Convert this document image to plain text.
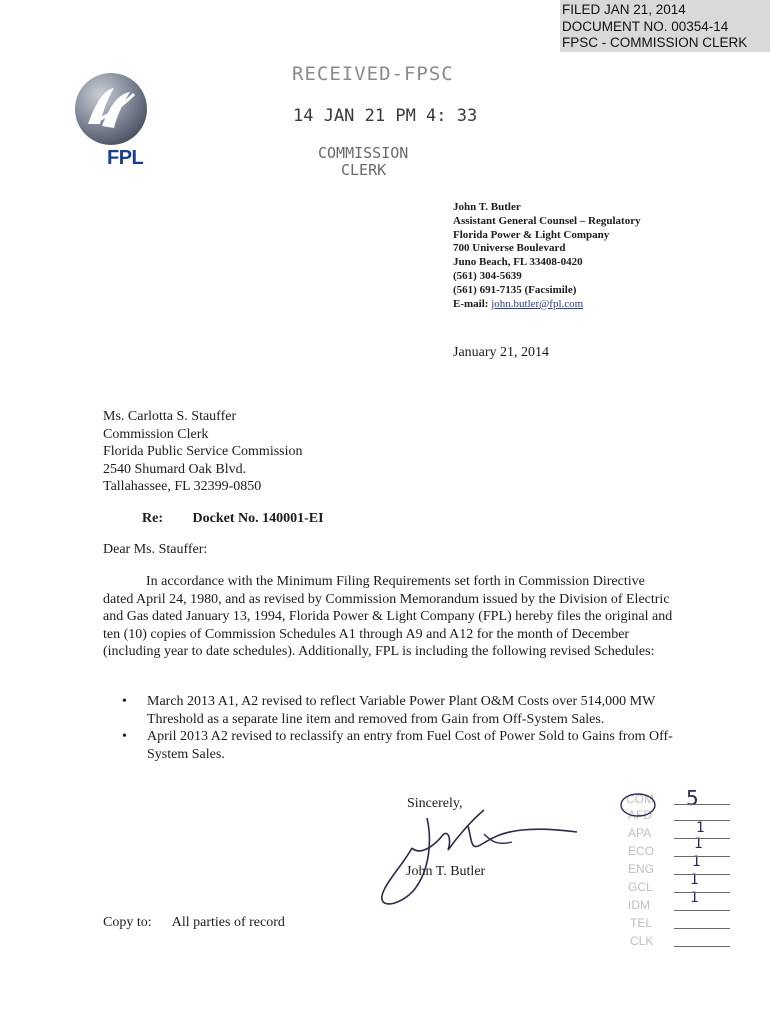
FILED JAN 21, 2014
DOCUMENT NO. 00354-14
FPSC - COMMISSION CLERK
FPL
RECEIVED-FPSC
14 JAN 21 PM 4: 33
COMMISSION
CLERK
John T. Butler
Assistant General Counsel – Regulatory
Florida Power & Light Company
700 Universe Boulevard
Juno Beach, FL 33408-0420
(561) 304-5639
(561) 691-7135 (Facsimile)
E-mail: john.butler@fpl.com
January 21, 2014
Ms. Carlotta S. Stauffer
Commission Clerk
Florida Public Service Commission
2540 Shumard Oak Blvd.
Tallahassee, FL 32399-0850
Re: Docket No. 140001-EI
Dear Ms. Stauffer:
In accordance with the Minimum Filing Requirements set forth in Commission Directive dated April 24, 1980, and as revised by Commission Memorandum issued by the Division of Electric and Gas dated January 13, 1994, Florida Power & Light Company (FPL) hereby files the original and ten (10) copies of Commission Schedules A1 through A9 and A12 for the month of December (including year to date schedules). Additionally, FPL is including the following revised Schedules:
•	March 2013 A1, A2 revised to reflect Variable Power Plant O&M Costs over 514,000 MW Threshold as a separate line item and removed from Gain from Off-System Sales.
•	April 2013 A2 revised to reclassify an entry from Fuel Cost of Power Sold to Gains from Off-System Sales.
Sincerely,
John T. Butler
Copy to: All parties of record
COM
AFD
APA
ECO
ENG
GCL
IDM
TEL
CLK
5
1
1
1
1
1
